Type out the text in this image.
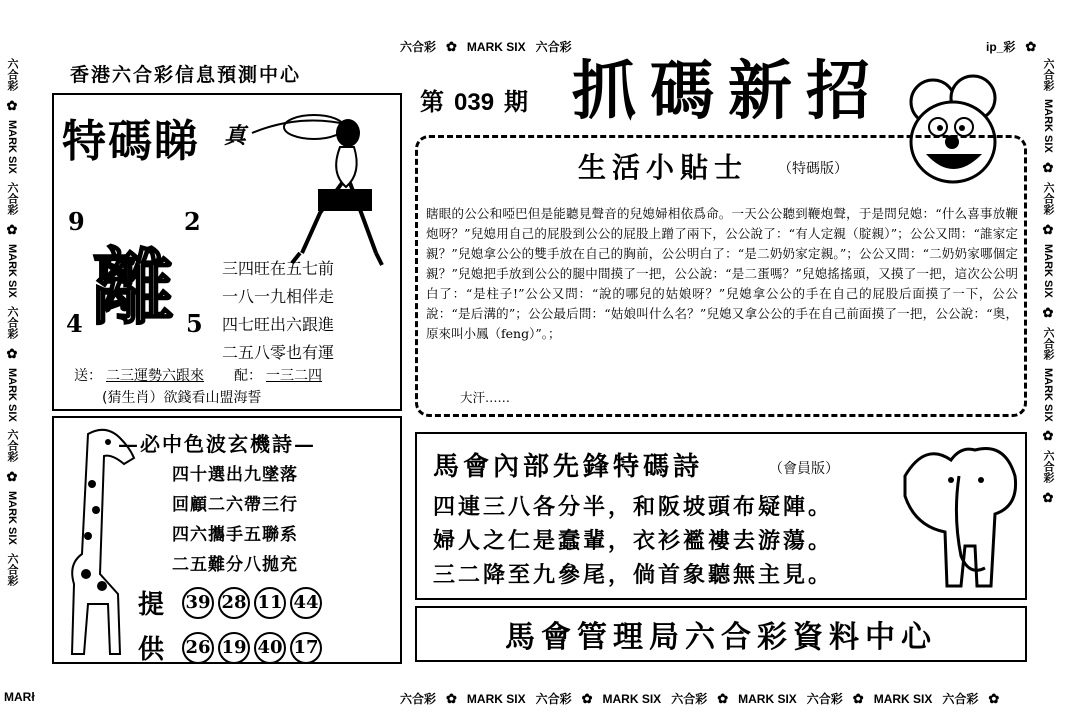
六合彩 ✿ MARK SIX 六合彩	ip_彩 ✿
六合彩 ✿ MARK SIX 六合彩 ✿ MARK SIX 六合彩 ✿ MARK SIX 六合彩 ✿ MARK SIX 六合彩 ✿
MARł
六合彩
✿
MARK SIX
六合彩
✿
MARK SIX
六合彩
✿
MARK SIX
六合彩
✿
MARK SIX
六合彩
六合彩
MARK SIX
✿
六合彩
✿
MARK SIX
✿
六合彩
MARK SIX
✿
六合彩
✿
香港六合彩信息預測中心
第 039 期 抓碼新招
特碼睇 真
9	2
4	5
離	三四旺在五七前
一八一九相伴走
四七旺出六跟進
二五八零也有運
送： 二三運勢六跟來 配： 一三二四
(猜生肖）欲錢看山盟海誓
生活小貼士 （特碼版）
瞎眼的公公和啞巴但是能聽見聲音的兒媳婦相依爲命。一天公公聽到鞭炮聲，于是問兒媳：“什么喜事放鞭炮呀？”兒媳用自己的屁股到公公的屁股上蹭了兩下，公公說了：“有人定親（腚親）”；公公又問：“誰家定親？”兒媳拿公公的雙手放在自己的胸前，公公明白了：“是二奶奶家定親。”；公公又問：“二奶奶家哪個定親？”兒媳把手放到公公的腿中間摸了一把，公公說：“是二蛋嗎？”兒媳搖搖頭，又摸了一把，這次公公明白了：“是柱子!”公公又問：“說的哪兒的姑娘呀？”兒媳拿公公的手在自己的屁股后面摸了一下，公公說：“是后溝的”；公公最后問：“姑娘叫什么名？”兒媳又拿公公的手在自己前面摸了一把，公公說：“奥，原來叫小鳳（feng）”。；
大汗……
—必中色波玄機詩—
四十選出九墜落
回顧二六帶三行
四六攜手五聯系
二五難分八拋充
提	39 28 11 44
供	26 19 40 17
馬會內部先鋒特碼詩	（會員版）
四連三八各分半，和阪坡頭布疑陣。
婦人之仁是蠢輩，衣衫襤褸去游蕩。
三二降至九參尾，倘首象聽無主見。
馬會管理局六合彩資料中心
